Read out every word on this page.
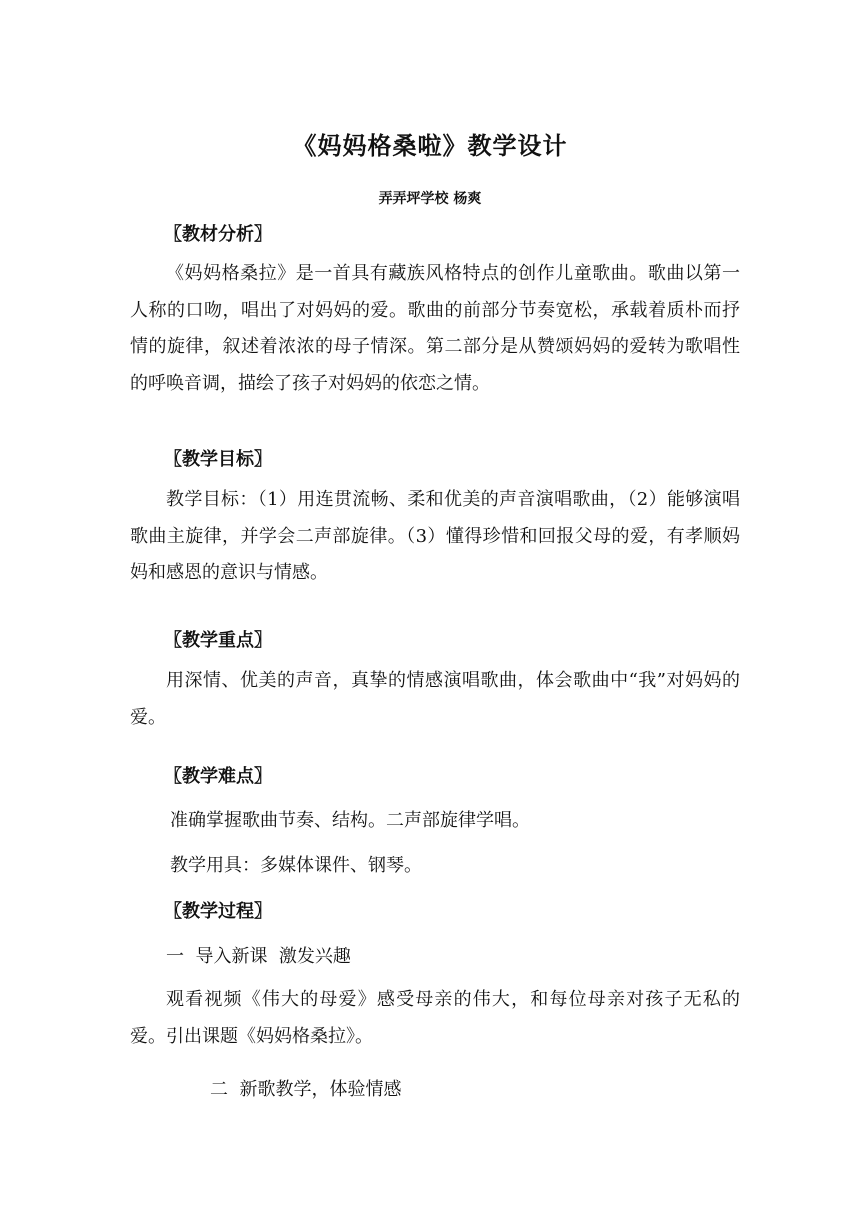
《妈妈格桑啦》教学设计
弄弄坪学校 杨爽
〖教材分析〗
《妈妈格桑拉》是一首具有藏族风格特点的创作儿童歌曲。歌曲以第一人称的口吻，唱出了对妈妈的爱。歌曲的前部分节奏宽松，承载着质朴而抒情的旋律，叙述着浓浓的母子情深。第二部分是从赞颂妈妈的爱转为歌唱性的呼唤音调，描绘了孩子对妈妈的依恋之情。
〖教学目标〗
教学目标：（1）用连贯流畅、柔和优美的声音演唱歌曲，（2）能够演唱歌曲主旋律，并学会二声部旋律。（3）懂得珍惜和回报父母的爱，有孝顺妈妈和感恩的意识与情感。
〖教学重点〗
用深情、优美的声音，真挚的情感演唱歌曲，体会歌曲中“我”对妈妈的爱。
〖教学难点〗
准确掌握歌曲节奏、结构。二声部旋律学唱。
教学用具：多媒体课件、钢琴。
〖教学过程〗
一  导入新课  激发兴趣
观看视频《伟大的母爱》感受母亲的伟大，和每位母亲对孩子无私的爱。引出课题《妈妈格桑拉》。
二  新歌教学，体验情感
